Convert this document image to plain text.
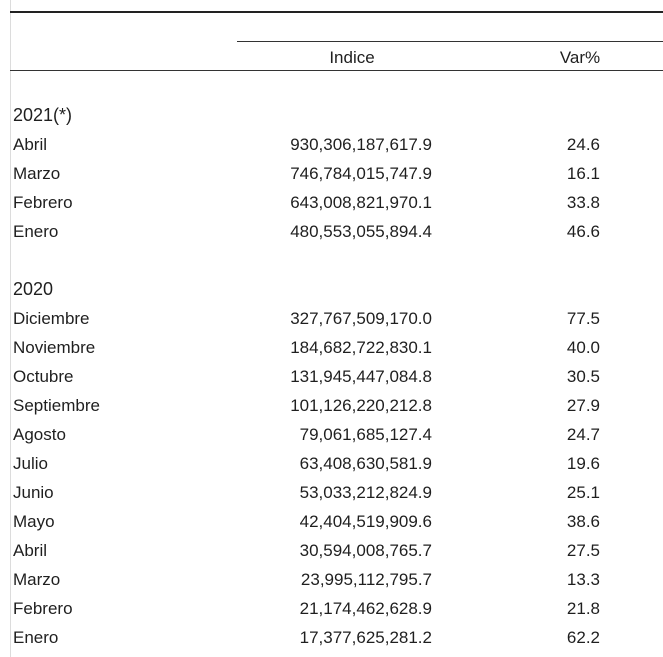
Indice	Var%
2021(*)
Abril	930,306,187,617.9	24.6
Marzo	746,784,015,747.9	16.1
Febrero	643,008,821,970.1	33.8
Enero	480,553,055,894.4	46.6
2020
Diciembre	327,767,509,170.0	77.5
Noviembre	184,682,722,830.1	40.0
Octubre	131,945,447,084.8	30.5
Septiembre	101,126,220,212.8	27.9
Agosto	79,061,685,127.4	24.7
Julio	63,408,630,581.9	19.6
Junio	53,033,212,824.9	25.1
Mayo	42,404,519,909.6	38.6
Abril	30,594,008,765.7	27.5
Marzo	23,995,112,795.7	13.3
Febrero	21,174,462,628.9	21.8
Enero	17,377,625,281.2	62.2
